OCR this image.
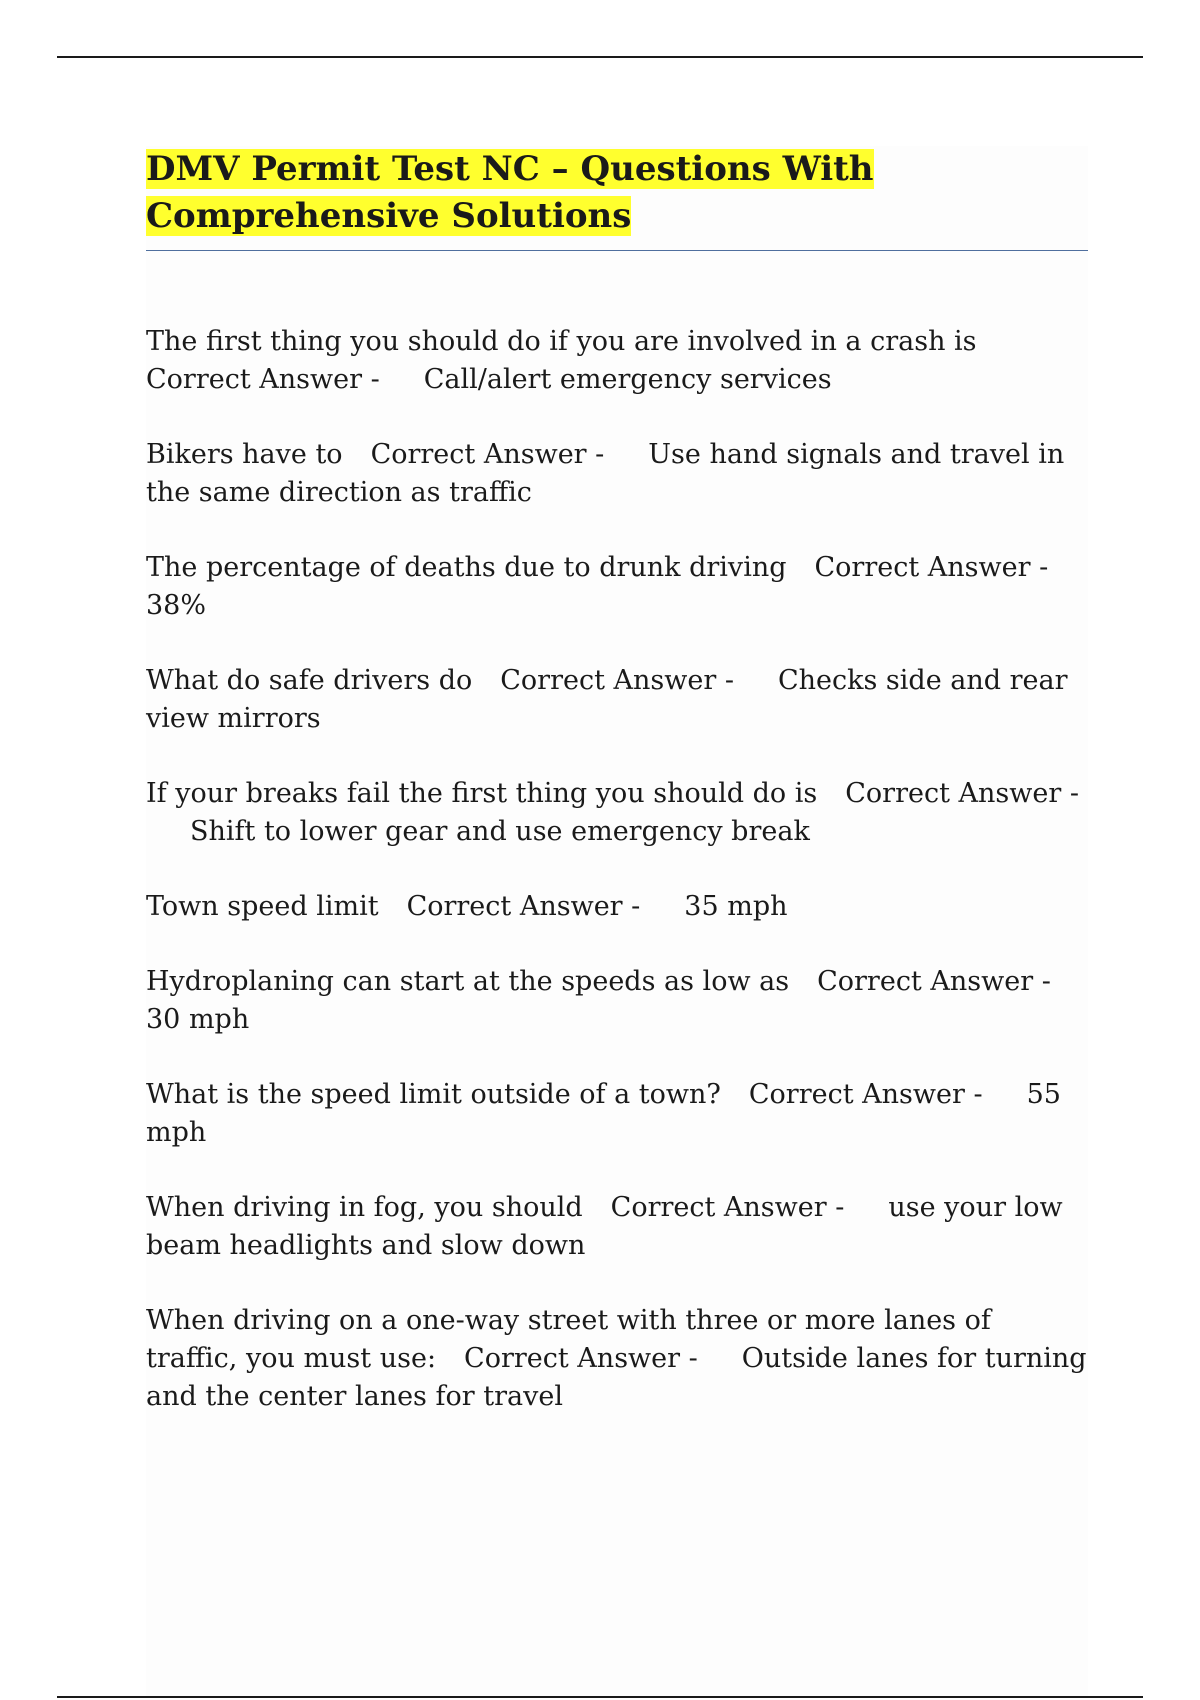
DMV Permit Test NC – Questions With
Comprehensive Solutions

The first thing you should do if you are involved in a crash is Correct Answer - Call/alert emergency services

Bikers have to Correct Answer - Use hand signals and travel in the same direction as traffic

The percentage of deaths due to drunk driving Correct Answer - 38%

What do safe drivers do Correct Answer - Checks side and rear view mirrors

If your breaks fail the first thing you should do is Correct Answer -Shift to lower gear and use emergency break

Town speed limit Correct Answer - 35 mph

Hydroplaning can start at the speeds as low as Correct Answer - 30 mph

What is the speed limit outside of a town? Correct Answer - 55 mph

When driving in fog, you should Correct Answer - use your low beam headlights and slow down

When driving on a one-way street with three or more lanes of traffic, you must use: Correct Answer - Outside lanes for turning and the center lanes for travel
